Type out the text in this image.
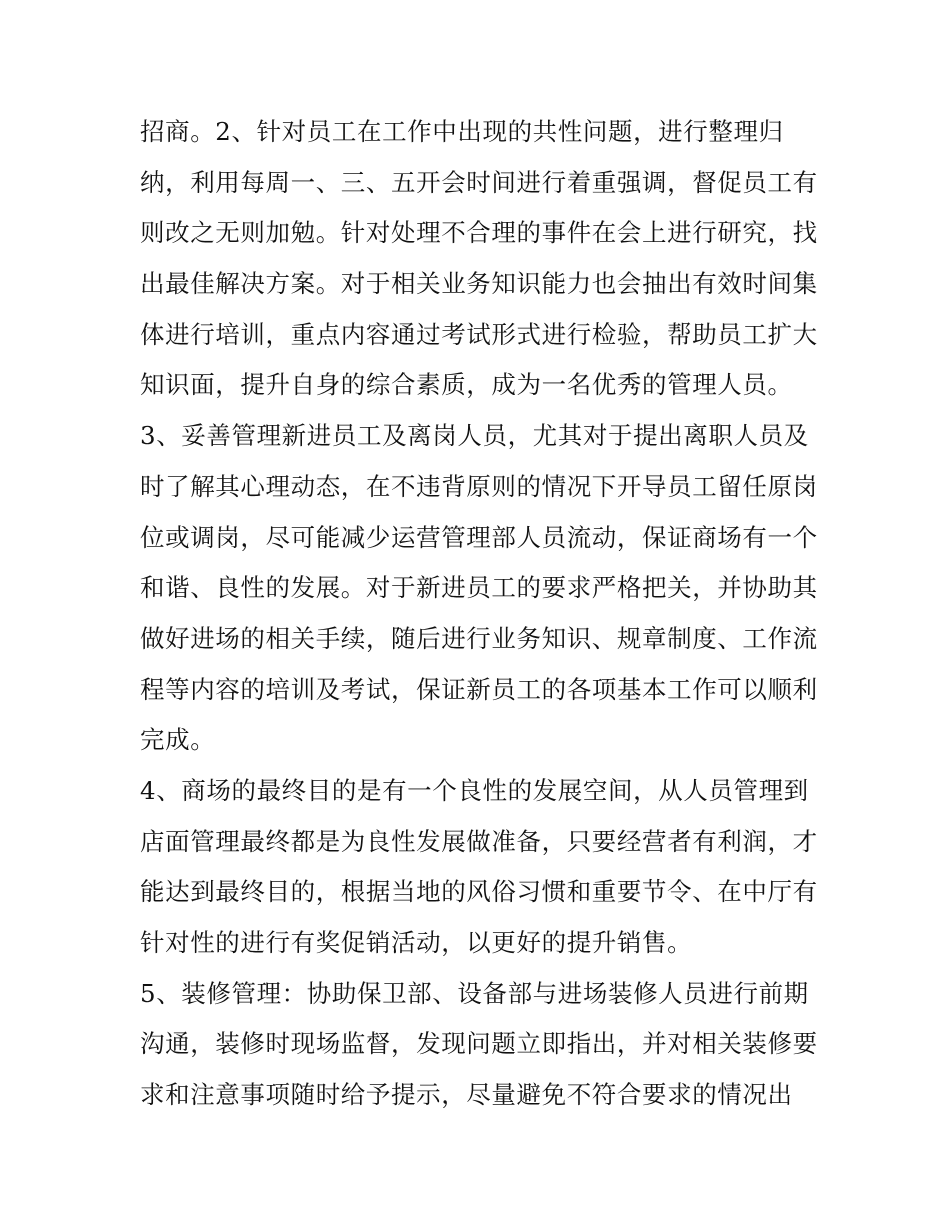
招商。2、针对员工在工作中出现的共性问题，进行整理归
纳，利用每周一、三、五开会时间进行着重强调，督促员工有
则改之无则加勉。针对处理不合理的事件在会上进行研究，找
出最佳解决方案。对于相关业务知识能力也会抽出有效时间集
体进行培训，重点内容通过考试形式进行检验，帮助员工扩大
知识面，提升自身的综合素质，成为一名优秀的管理人员。
3、妥善管理新进员工及离岗人员，尤其对于提出离职人员及
时了解其心理动态，在不违背原则的情况下开导员工留任原岗
位或调岗，尽可能减少运营管理部人员流动，保证商场有一个
和谐、良性的发展。对于新进员工的要求严格把关，并协助其
做好进场的相关手续，随后进行业务知识、规章制度、工作流
程等内容的培训及考试，保证新员工的各项基本工作可以顺利
完成。
4、商场的最终目的是有一个良性的发展空间，从人员管理到
店面管理最终都是为良性发展做准备，只要经营者有利润，才
能达到最终目的，根据当地的风俗习惯和重要节令、在中厅有
针对性的进行有奖促销活动，以更好的提升销售。
5、装修管理：协助保卫部、设备部与进场装修人员进行前期
沟通，装修时现场监督，发现问题立即指出，并对相关装修要
求和注意事项随时给予提示，尽量避免不符合要求的情况出
